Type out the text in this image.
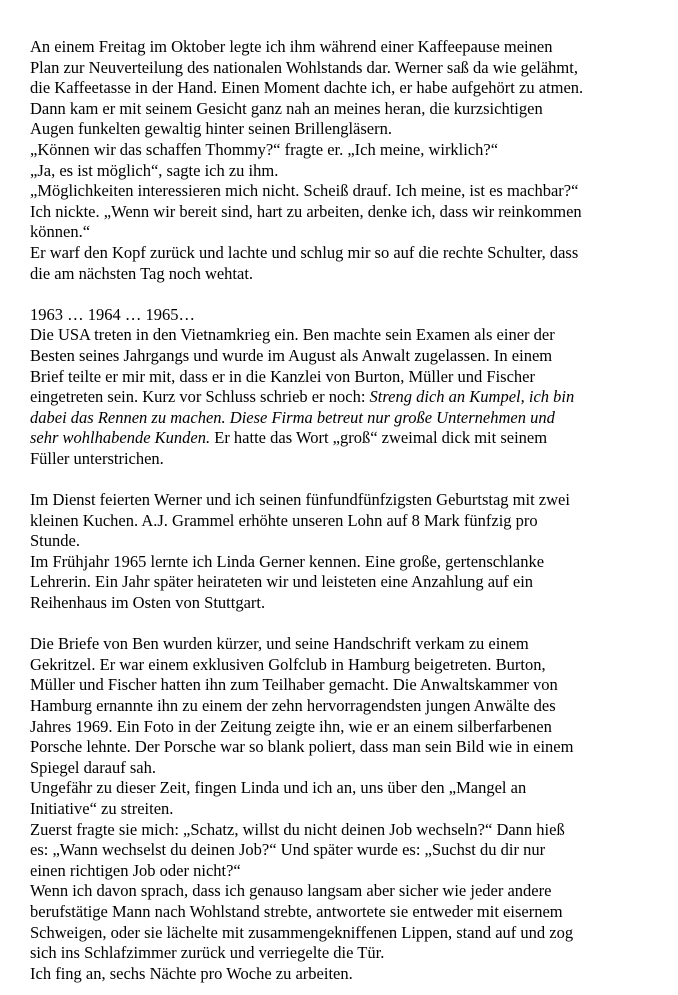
An einem Freitag im Oktober legte ich ihm während einer Kaffeepause meinen
Plan zur Neuverteilung des nationalen Wohlstands dar. Werner saß da wie gelähmt,
die Kaffeetasse in der Hand. Einen Moment dachte ich, er habe aufgehört zu atmen.
Dann kam er mit seinem Gesicht ganz nah an meines heran, die kurzsichtigen
Augen funkelten gewaltig hinter seinen Brillengläsern.
„Können wir das schaffen Thommy?“ fragte er. „Ich meine, wirklich?“
„Ja, es ist möglich“, sagte ich zu ihm.
„Möglichkeiten interessieren mich nicht. Scheiß drauf. Ich meine, ist es machbar?“
Ich nickte. „Wenn wir bereit sind, hart zu arbeiten, denke ich, dass wir reinkommen
können.“
Er warf den Kopf zurück und lachte und schlug mir so auf die rechte Schulter, dass
die am nächsten Tag noch wehtat.
1963 … 1964 … 1965…
Die USA treten in den Vietnamkrieg ein. Ben machte sein Examen als einer der
Besten seines Jahrgangs und wurde im August als Anwalt zugelassen. In einem
Brief teilte er mir mit, dass er in die Kanzlei von Burton, Müller und Fischer
eingetreten sein. Kurz vor Schluss schrieb er noch: Streng dich an Kumpel, ich bin
dabei das Rennen zu machen. Diese Firma betreut nur große Unternehmen und
sehr wohlhabende Kunden. Er hatte das Wort „groß“ zweimal dick mit seinem
Füller unterstrichen.
Im Dienst feierten Werner und ich seinen fünfundfünfzigsten Geburtstag mit zwei
kleinen Kuchen. A.J. Grammel erhöhte unseren Lohn auf 8 Mark fünfzig pro
Stunde.
Im Frühjahr 1965 lernte ich Linda Gerner kennen. Eine große, gertenschlanke
Lehrerin. Ein Jahr später heirateten wir und leisteten eine Anzahlung auf ein
Reihenhaus im Osten von Stuttgart.
Die Briefe von Ben wurden kürzer, und seine Handschrift verkam zu einem
Gekritzel. Er war einem exklusiven Golfclub in Hamburg beigetreten. Burton,
Müller und Fischer hatten ihn zum Teilhaber gemacht. Die Anwaltskammer von
Hamburg ernannte ihn zu einem der zehn hervorragendsten jungen Anwälte des
Jahres 1969. Ein Foto in der Zeitung zeigte ihn, wie er an einem silberfarbenen
Porsche lehnte. Der Porsche war so blank poliert, dass man sein Bild wie in einem
Spiegel darauf sah.
Ungefähr zu dieser Zeit, fingen Linda und ich an, uns über den „Mangel an
Initiative“ zu streiten.
Zuerst fragte sie mich: „Schatz, willst du nicht deinen Job wechseln?“ Dann hieß
es: „Wann wechselst du deinen Job?“ Und später wurde es: „Suchst du dir nur
einen richtigen Job oder nicht?“
Wenn ich davon sprach, dass ich genauso langsam aber sicher wie jeder andere
berufstätige Mann nach Wohlstand strebte, antwortete sie entweder mit eisernem
Schweigen, oder sie lächelte mit zusammengekniffenen Lippen, stand auf und zog
sich ins Schlafzimmer zurück und verriegelte die Tür.
Ich fing an, sechs Nächte pro Woche zu arbeiten.
